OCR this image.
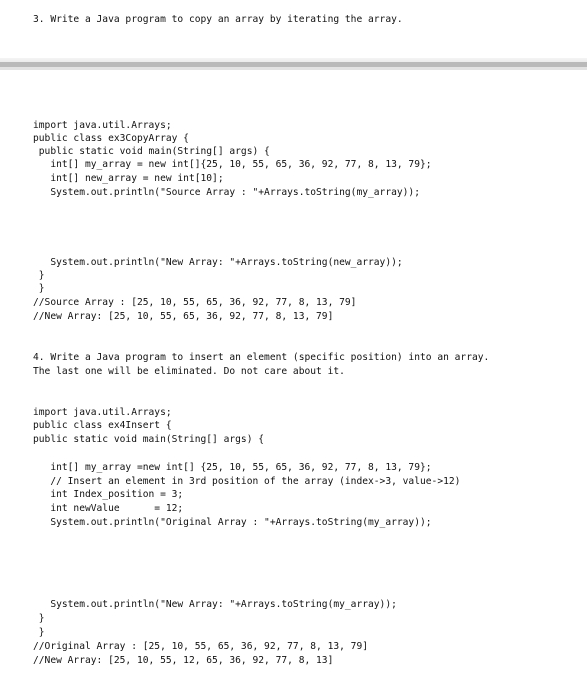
3. Write a Java program to copy an array by iterating the array.
import java.util.Arrays;
public class ex3CopyArray {
public static void main(String[] args) {
int[] my_array = new int[]{25, 10, 55, 65, 36, 92, 77, 8, 13, 79};
int[] new_array = new int[10];
System.out.println("Source Array : "+Arrays.toString(my_array));
System.out.println("New Array: "+Arrays.toString(new_array));
}
}
//Source Array : [25, 10, 55, 65, 36, 92, 77, 8, 13, 79]
//New Array: [25, 10, 55, 65, 36, 92, 77, 8, 13, 79]
4. Write a Java program to insert an element (specific position) into an array.
The last one will be eliminated. Do not care about it.
import java.util.Arrays;
public class ex4Insert {
public static void main(String[] args) {
int[] my_array =new int[] {25, 10, 55, 65, 36, 92, 77, 8, 13, 79};
// Insert an element in 3rd position of the array (index->3, value->12)
int Index_position = 3;
int newValue      = 12;
System.out.println("Original Array : "+Arrays.toString(my_array));
System.out.println("New Array: "+Arrays.toString(my_array));
}
}
//Original Array : [25, 10, 55, 65, 36, 92, 77, 8, 13, 79]
//New Array: [25, 10, 55, 12, 65, 36, 92, 77, 8, 13]
